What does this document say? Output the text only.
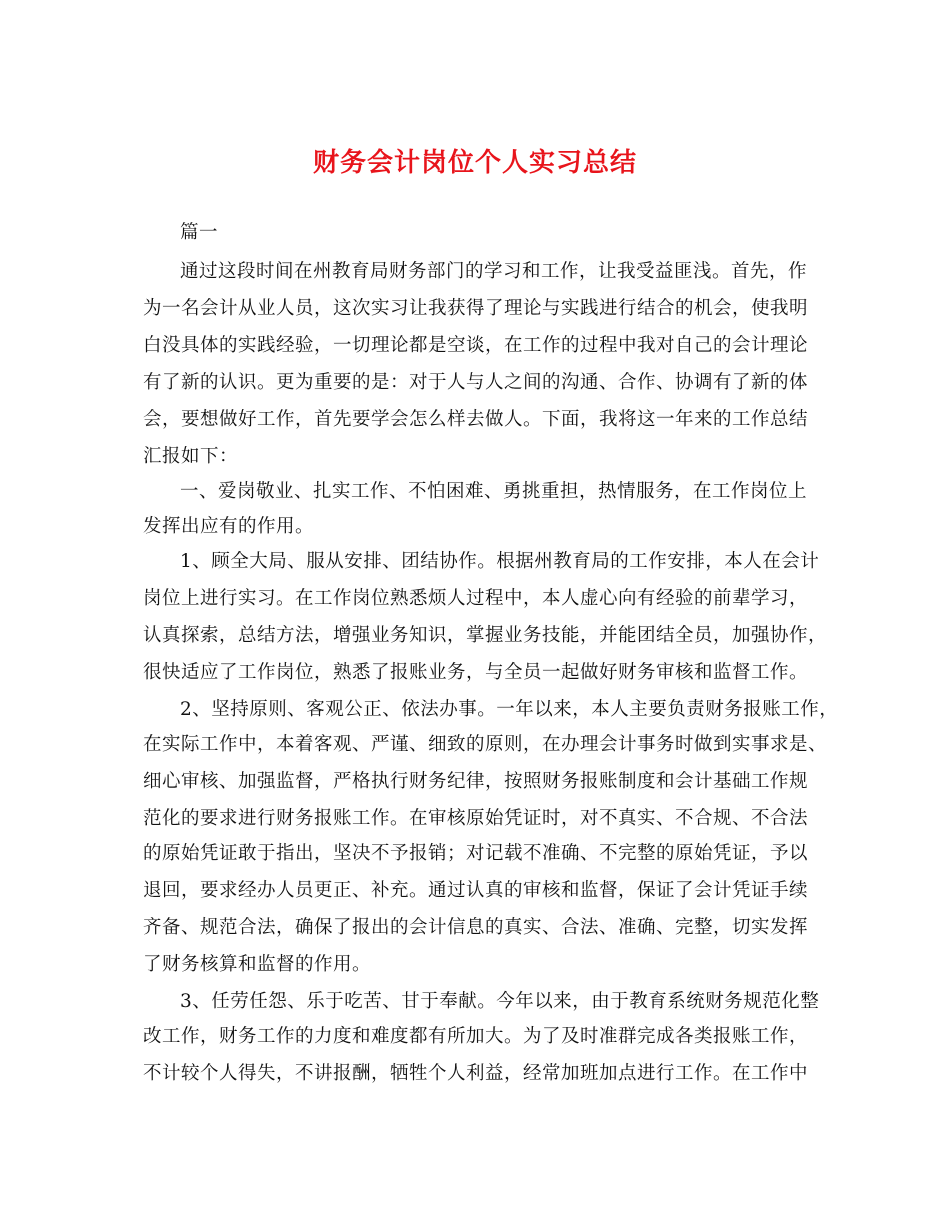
财务会计岗位个人实习总结
篇一
通过这段时间在州教育局财务部门的学习和工作，让我受益匪浅。首先，作
为一名会计从业人员，这次实习让我获得了理论与实践进行结合的机会，使我明
白没具体的实践经验，一切理论都是空谈，在工作的过程中我对自己的会计理论
有了新的认识。更为重要的是：对于人与人之间的沟通、合作、协调有了新的体
会，要想做好工作，首先要学会怎么样去做人。下面，我将这一年来的工作总结
汇报如下：
一、爱岗敬业、扎实工作、不怕困难、勇挑重担，热情服务，在工作岗位上
发挥出应有的作用。
1、顾全大局、服从安排、团结协作。根据州教育局的工作安排，本人在会计
岗位上进行实习。在工作岗位熟悉烦人过程中，本人虚心向有经验的前辈学习，
认真探索，总结方法，增强业务知识，掌握业务技能，并能团结全员，加强协作，
很快适应了工作岗位，熟悉了报账业务，与全员一起做好财务审核和监督工作。
2、坚持原则、客观公正、依法办事。一年以来，本人主要负责财务报账工作，
在实际工作中，本着客观、严谨、细致的原则，在办理会计事务时做到实事求是、
细心审核、加强监督，严格执行财务纪律，按照财务报账制度和会计基础工作规
范化的要求进行财务报账工作。在审核原始凭证时，对不真实、不合规、不合法
的原始凭证敢于指出，坚决不予报销；对记载不准确、不完整的原始凭证，予以
退回，要求经办人员更正、补充。通过认真的审核和监督，保证了会计凭证手续
齐备、规范合法，确保了报出的会计信息的真实、合法、准确、完整，切实发挥
了财务核算和监督的作用。
3、任劳任怨、乐于吃苦、甘于奉献。今年以来，由于教育系统财务规范化整
改工作，财务工作的力度和难度都有所加大。为了及时准群完成各类报账工作，
不计较个人得失，不讲报酬，牺牲个人利益，经常加班加点进行工作。在工作中
